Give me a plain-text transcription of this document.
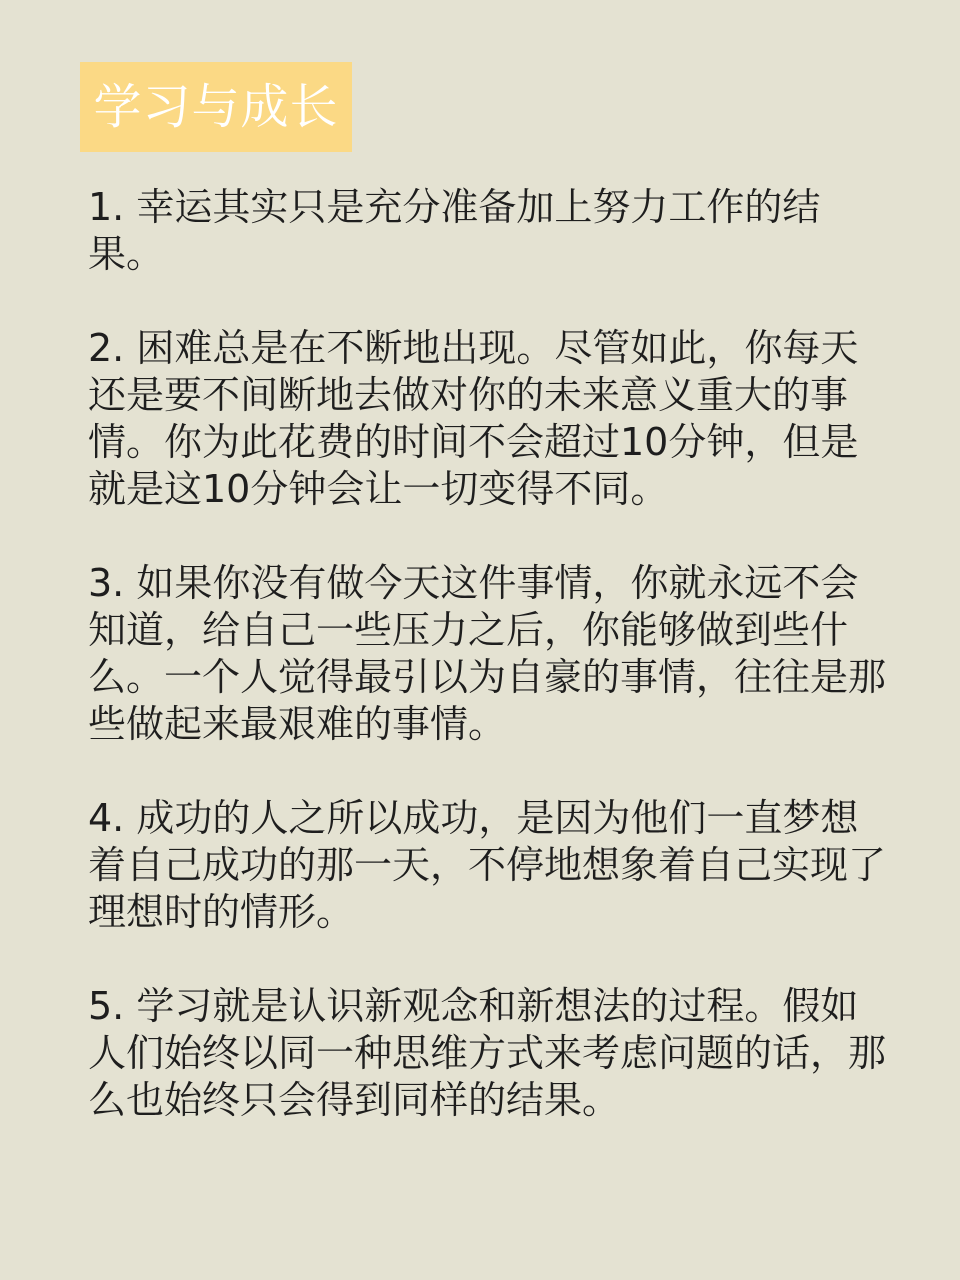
学习与成长

1. 幸运其实只是充分准备加上努力工作的结果。

2. 困难总是在不断地出现。尽管如此，你每天还是要不间断地去做对你的未来意义重大的事情。你为此花费的时间不会超过10分钟，但是就是这10分钟会让一切变得不同。

3. 如果你没有做今天这件事情，你就永远不会知道，给自己一些压力之后，你能够做到些什么。一个人觉得最引以为自豪的事情，往往是那些做起来最艰难的事情。

4. 成功的人之所以成功，是因为他们一直梦想着自己成功的那一天，不停地想象着自己实现了理想时的情形。

5. 学习就是认识新观念和新想法的过程。假如人们始终以同一种思维方式来考虑问题的话，那么也始终只会得到同样的结果。
